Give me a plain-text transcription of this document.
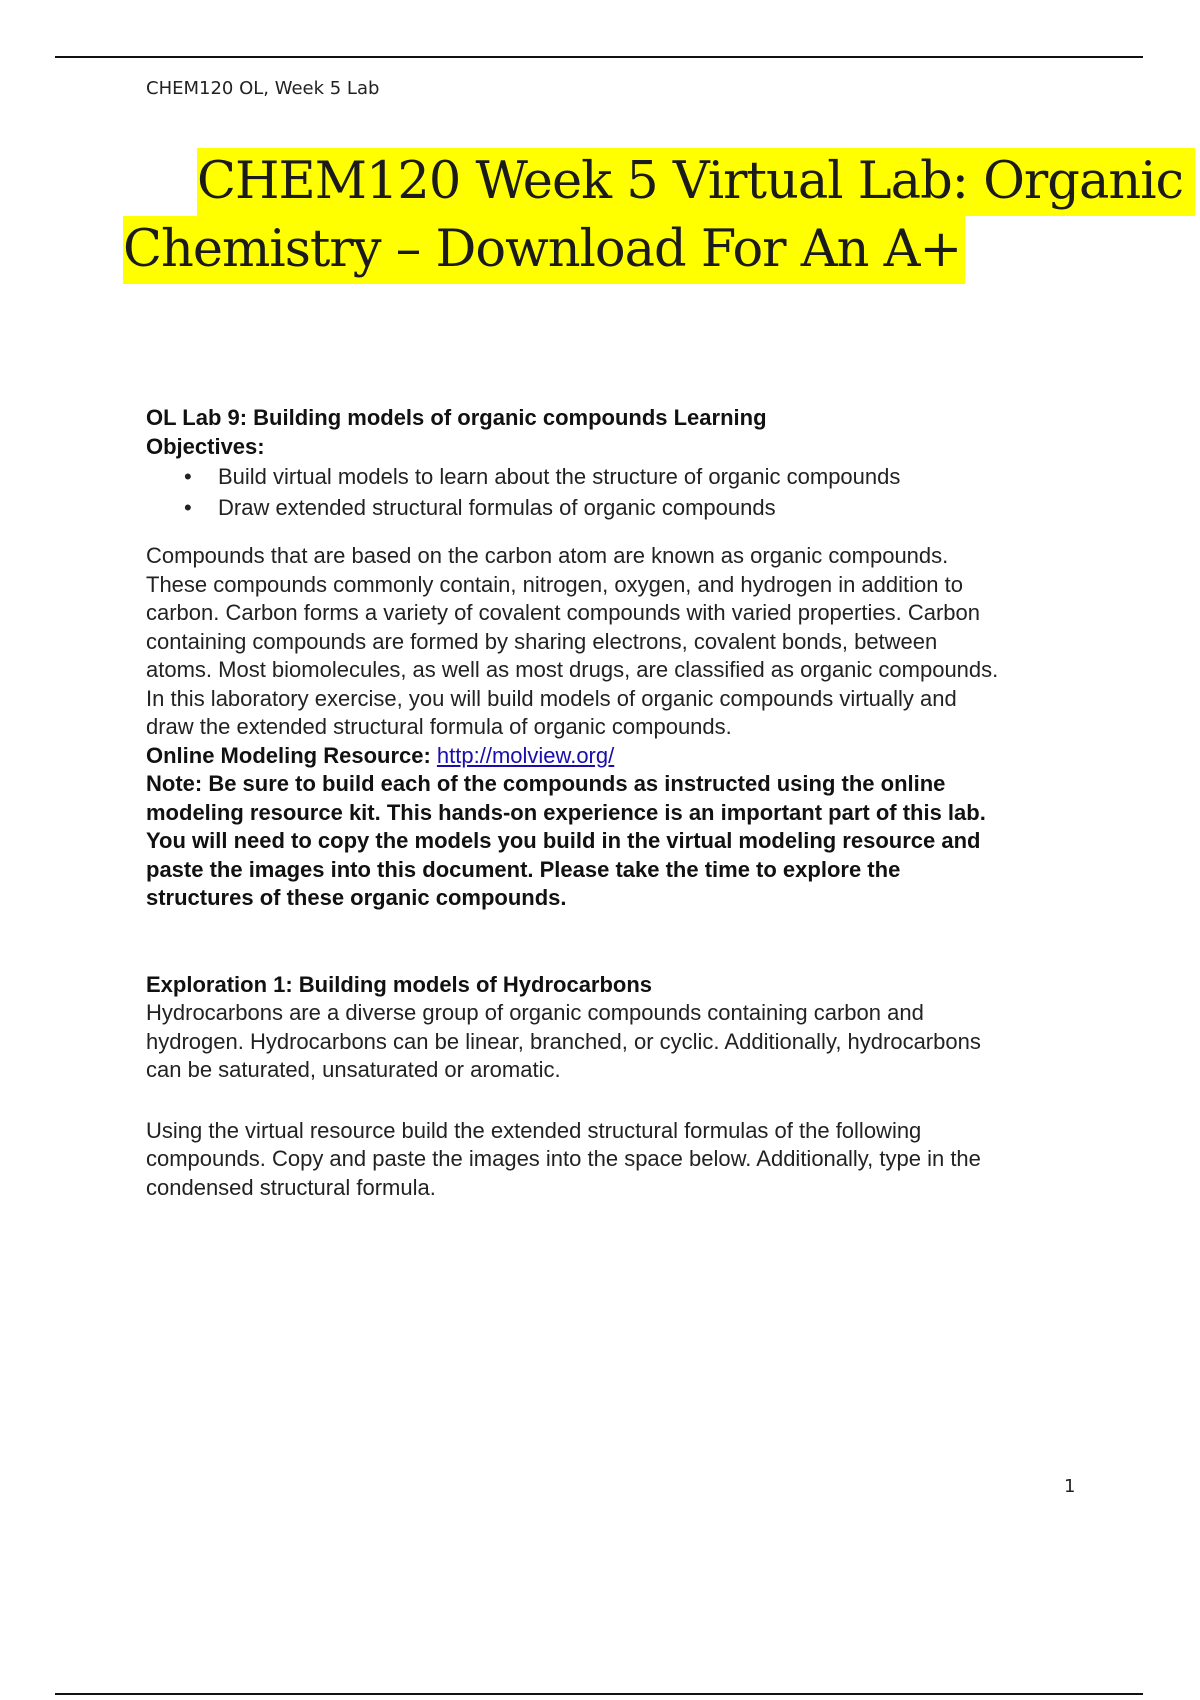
CHEM120 OL, Week 5 Lab
CHEM120 Week 5 Virtual Lab: Organic
Chemistry – Download For An A+
OL Lab 9: Building models of organic compounds Learning
Objectives:
• Build virtual models to learn about the structure of organic compounds
• Draw extended structural formulas of organic compounds
Compounds that are based on the carbon atom are known as organic compounds.
These compounds commonly contain, nitrogen, oxygen, and hydrogen in addition to
carbon. Carbon forms a variety of covalent compounds with varied properties. Carbon
containing compounds are formed by sharing electrons, covalent bonds, between
atoms. Most biomolecules, as well as most drugs, are classified as organic compounds.
In this laboratory exercise, you will build models of organic compounds virtually and
draw the extended structural formula of organic compounds.
Online Modeling Resource: http://molview.org/
Note: Be sure to build each of the compounds as instructed using the online
modeling resource kit. This hands-on experience is an important part of this lab.
You will need to copy the models you build in the virtual modeling resource and
paste the images into this document. Please take the time to explore the
structures of these organic compounds.
Exploration 1: Building models of Hydrocarbons
Hydrocarbons are a diverse group of organic compounds containing carbon and
hydrogen. Hydrocarbons can be linear, branched, or cyclic. Additionally, hydrocarbons
can be saturated, unsaturated or aromatic.
Using the virtual resource build the extended structural formulas of the following
compounds. Copy and paste the images into the space below. Additionally, type in the
condensed structural formula.
1
